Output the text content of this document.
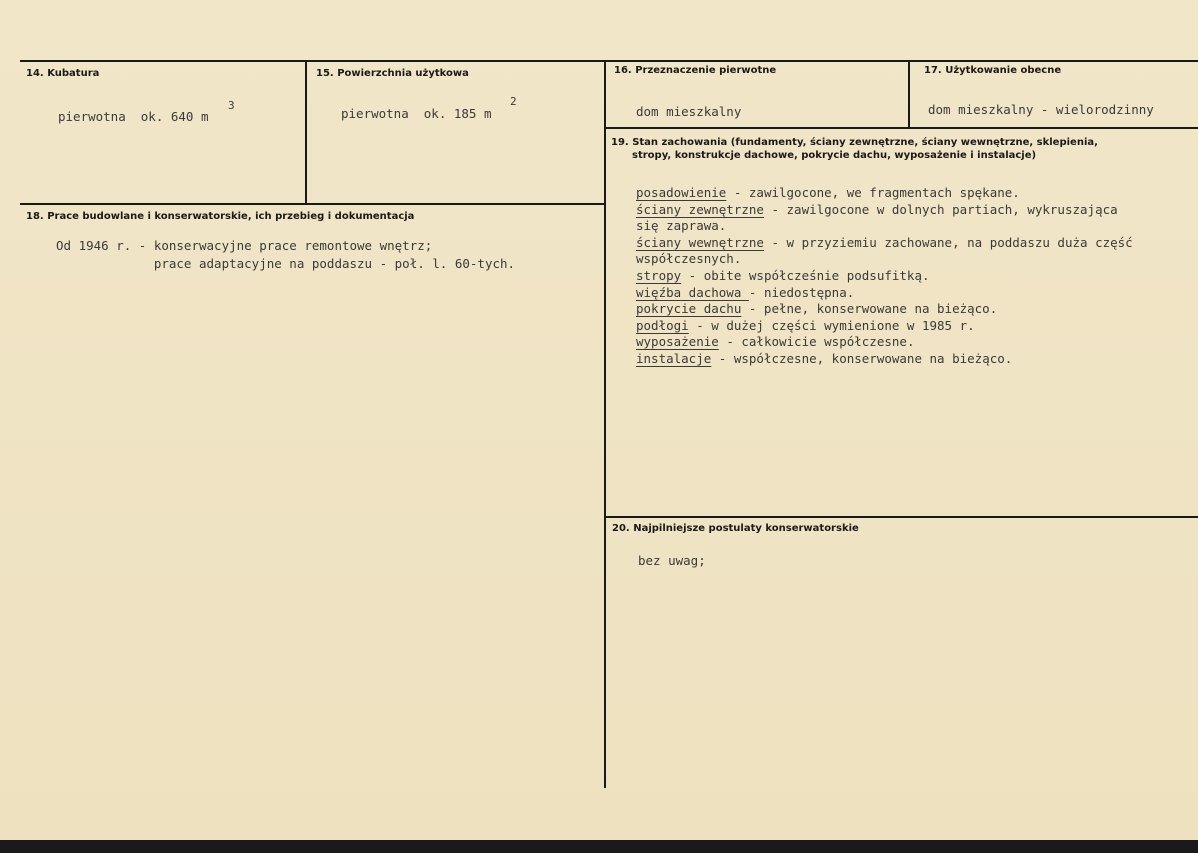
14. Kubatura
pierwotna  ok. 640 m
3
15. Powierzchnia użytkowa
pierwotna  ok. 185 m
2
16. Przeznaczenie pierwotne
dom mieszkalny
17. Użytkowanie obecne
dom mieszkalny - wielorodzinny
18. Prace budowlane i konserwatorskie, ich przebieg i dokumentacja
Od 1946 r. - konserwacyjne prace remontowe wnętrz;
prace adaptacyjne na poddaszu - poł. l. 60-tych.
19. Stan zachowania (fundamenty, ściany zewnętrzne, ściany wewnętrzne, sklepienia,
stropy, konstrukcje dachowe, pokrycie dachu, wyposażenie i instalacje)
posadowienie - zawilgocone, we fragmentach spękane.
ściany zewnętrzne - zawilgocone w dolnych partiach, wykruszająca
się zaprawa.
ściany wewnętrzne - w przyziemiu zachowane, na poddaszu duża część
współczesnych.
stropy - obite współcześnie podsufitką.
więźba dachowa - niedostępna.
pokrycie dachu - pełne, konserwowane na bieżąco.
podłogi - w dużej części wymienione w 1985 r.
wyposażenie - całkowicie współczesne.
instalacje - współczesne, konserwowane na bieżąco.
20. Najpilniejsze postulaty konserwatorskie
bez uwag;
